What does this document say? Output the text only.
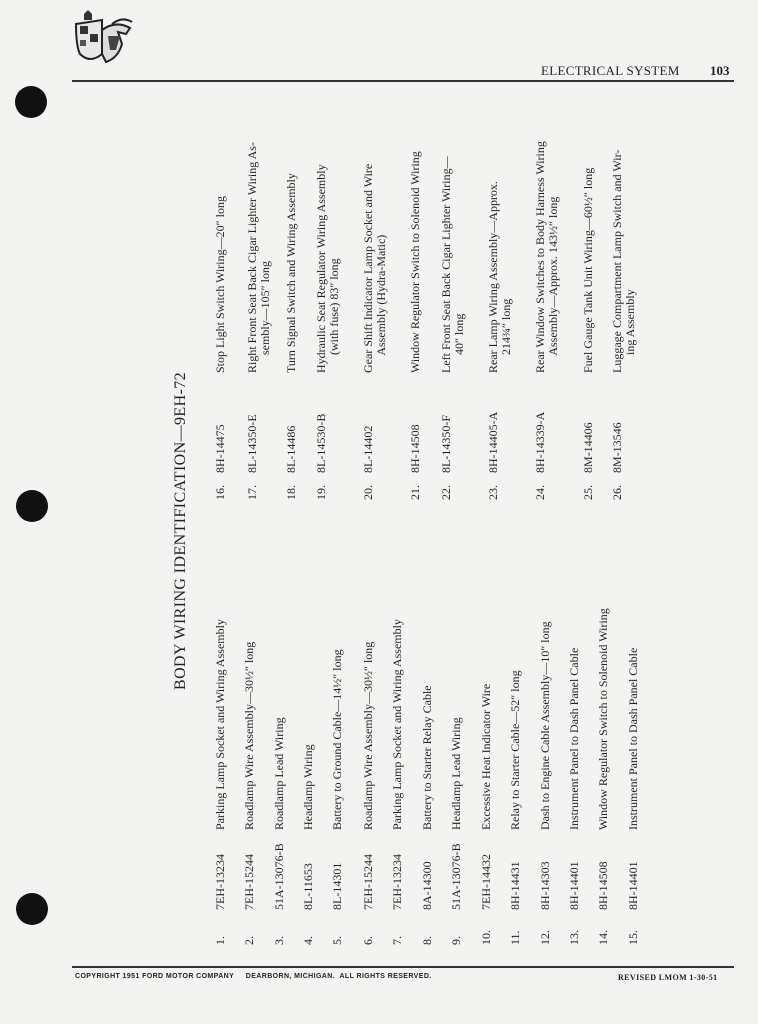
ELECTRICAL SYSTEM 103
BODY WIRING IDENTIFICATION—9EH-72
1.
7EH-13234
Parking Lamp Socket and Wiring Assembly
2.
7EH-15244
Roadlamp Wire Assembly—30½″ long
3.
51A-13076-B
Roadlamp Lead Wiring
4.
8L-11653
Headlamp Wiring
5.
8L-14301
Battery to Ground Cable—14½″ long
6.
7EH-15244
Roadlamp Wire Assembly—30½″ long
7.
7EH-13234
Parking Lamp Socket and Wiring Assembly
8.
8A-14300
Battery to Starter Relay Cable
9.
51A-13076-B
Headlamp Lead Wiring
10.
7EH-14432
Excessive Heat Indicator Wire
11.
8H-14431
Relay to Starter Cable—52″ long
12.
8H-14303
Dash to Engine Cable Assembly—10″ long
13.
8H-14401
Instrument Panel to Dash Panel Cable
14.
8H-14508
Window Regulator Switch to Solenoid Wiring
15.
8H-14401
Instrument Panel to Dash Panel Cable
16.
8H-14475
Stop Light Switch Wiring—20″ long
17.
8L-14350-E
Right Front Seat Back Cigar Lighter Wiring As-
sembly—105″ long
18.
8L-14486
Turn Signal Switch and Wiring Assembly
19.
8L-14530-B
Hydraulic Seat Regulator Wiring Assembly
(with fuse) 83″ long
20.
8L-14402
Gear Shift Indicator Lamp Socket and Wire
Assembly (Hydra-Matic)
21.
8H-14508
Window Regulator Switch to Solenoid Wiring
22.
8L-14350-F
Left Front Seat Back Cigar Lighter Wiring—
40″ long
23.
8H-14405-A
Rear Lamp Wiring Assembly—Approx.
214¾″ long
24.
8H-14339-A
Rear Window Switches to Body Harness Wiring
Assembly—Approx. 143½″ long
25.
8M-14406
Fuel Gauge Tank Unit Wiring—60½″ long
26.
8M-13546
Luggage Compartment Lamp Switch and Wir-
ing Assembly
COPYRIGHT 1951 FORD MOTOR COMPANY     DEARBORN, MICHIGAN.  ALL RIGHTS RESERVED.	REVISED LMOM 1-30-51
